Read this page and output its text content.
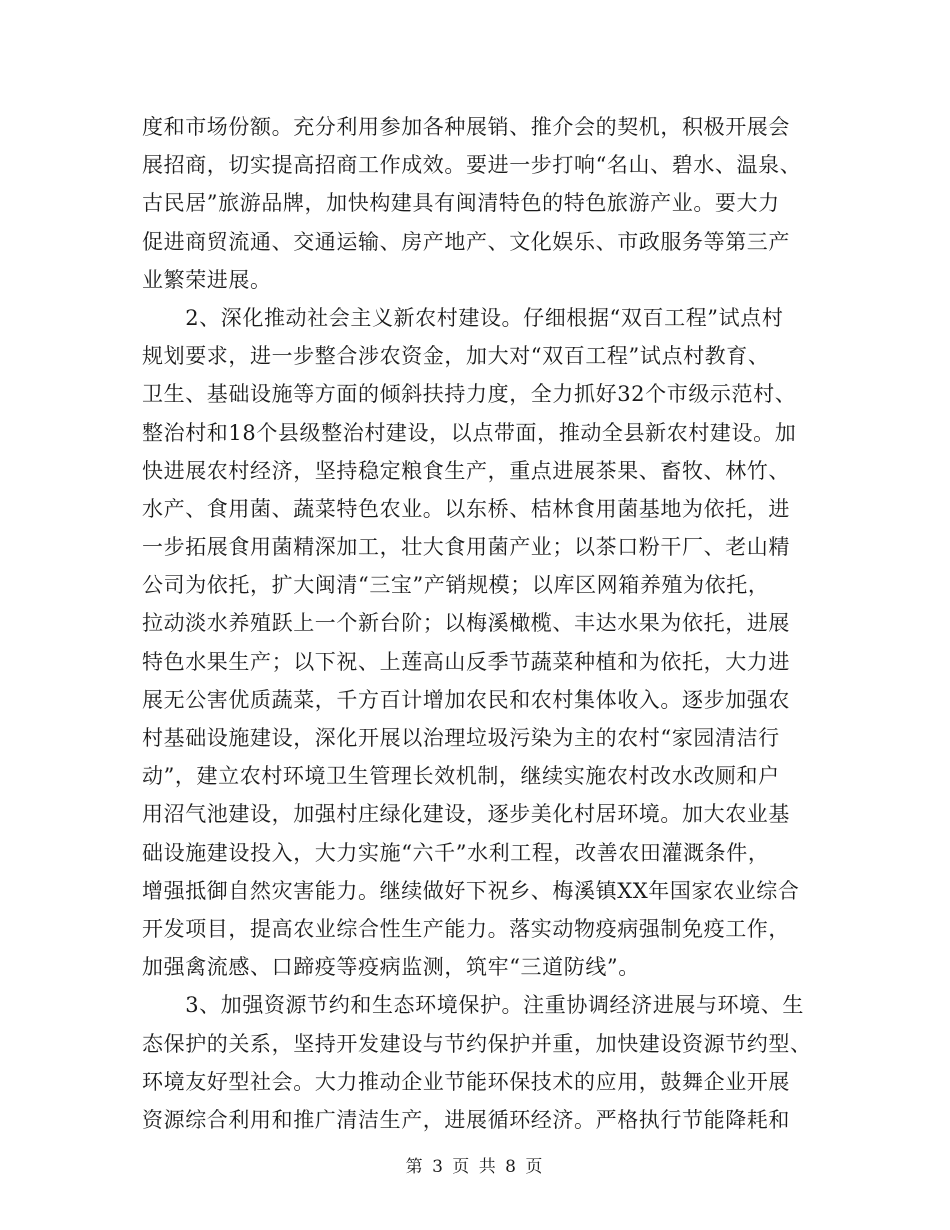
度和市场份额。充分利用参加各种展销、推介会的契机，积极开展会
展招商，切实提高招商工作成效。要进一步打响“名山、碧水、温泉、
古民居”旅游品牌，加快构建具有闽清特色的特色旅游产业。要大力
促进商贸流通、交通运输、房产地产、文化娱乐、市政服务等第三产
业繁荣进展。
　　2、深化推动社会主义新农村建设。仔细根据“双百工程”试点村
规划要求，进一步整合涉农资金，加大对“双百工程”试点村教育、
卫生、基础设施等方面的倾斜扶持力度，全力抓好32个市级示范村、
整治村和18个县级整治村建设，以点带面，推动全县新农村建设。加
快进展农村经济，坚持稳定粮食生产，重点进展茶果、畜牧、林竹、
水产、食用菌、蔬菜特色农业。以东桥、桔林食用菌基地为依托，进
一步拓展食用菌精深加工，壮大食用菌产业；以茶口粉干厂、老山精
公司为依托，扩大闽清“三宝”产销规模；以库区网箱养殖为依托，
拉动淡水养殖跃上一个新台阶；以梅溪橄榄、丰达水果为依托，进展
特色水果生产；以下祝、上莲高山反季节蔬菜种植和为依托，大力进
展无公害优质蔬菜，千方百计增加农民和农村集体收入。逐步加强农
村基础设施建设，深化开展以治理垃圾污染为主的农村“家园清洁行
动”，建立农村环境卫生管理长效机制，继续实施农村改水改厕和户
用沼气池建设，加强村庄绿化建设，逐步美化村居环境。加大农业基
础设施建设投入，大力实施“六千”水利工程，改善农田灌溉条件，
增强抵御自然灾害能力。继续做好下祝乡、梅溪镇XX年国家农业综合
开发项目，提高农业综合性生产能力。落实动物疫病强制免疫工作，
加强禽流感、口蹄疫等疫病监测，筑牢“三道防线”。
　　3、加强资源节约和生态环境保护。注重协调经济进展与环境、生
态保护的关系，坚持开发建设与节约保护并重，加快建设资源节约型、
环境友好型社会。大力推动企业节能环保技术的应用，鼓舞企业开展
资源综合利用和推广清洁生产，进展循环经济。严格执行节能降耗和
第 3 页 共 8 页
